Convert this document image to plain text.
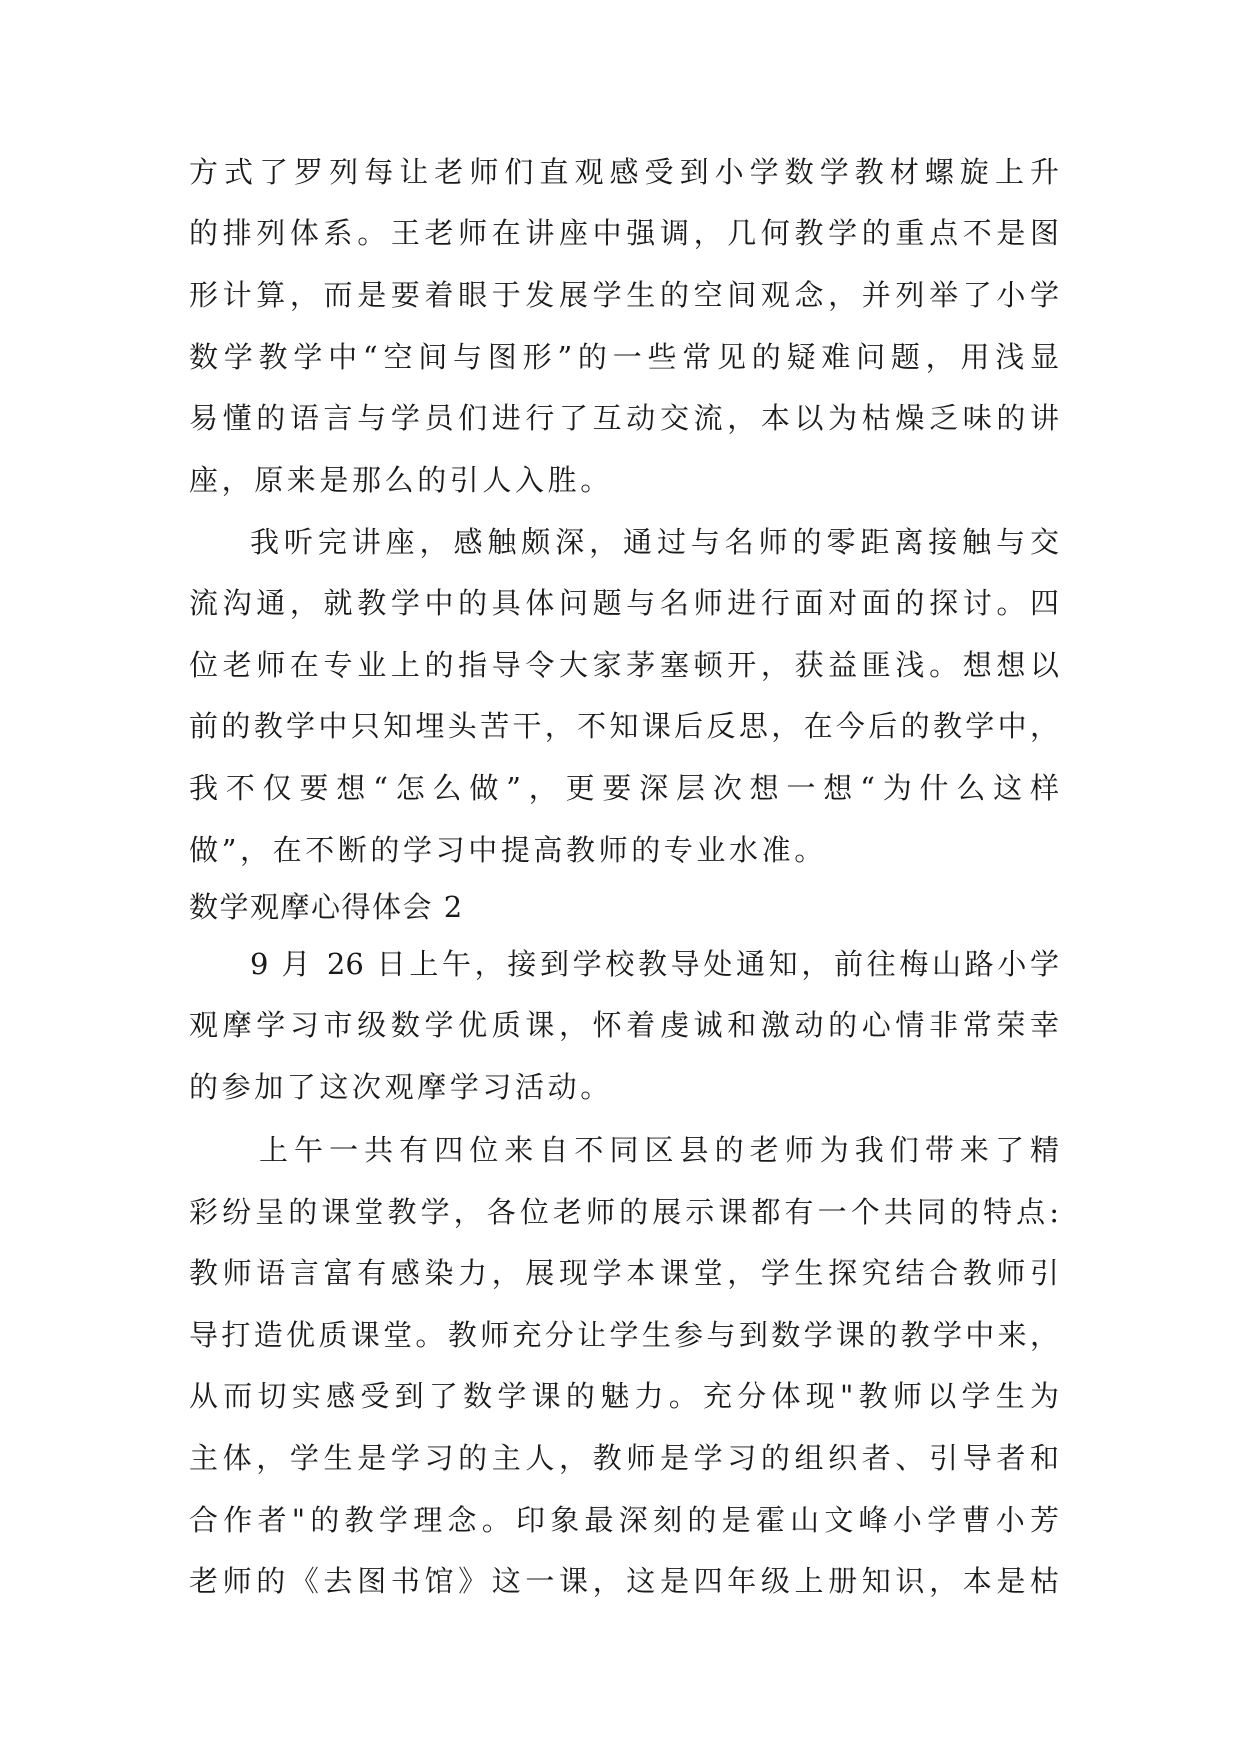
方式了罗列每让老师们直观感受到小学数学教材螺旋上升
的排列体系。王老师在讲座中强调，几何教学的重点不是图
形计算，而是要着眼于发展学生的空间观念，并列举了小学
数学教学中“空间与图形”的一些常见的疑难问题，用浅显
易懂的语言与学员们进行了互动交流，本以为枯燥乏味的讲
座，原来是那么的引人入胜。
我听完讲座，感触颇深，通过与名师的零距离接触与交
流沟通，就教学中的具体问题与名师进行面对面的探讨。四
位老师在专业上的指导令大家茅塞顿开，获益匪浅。想想以
前的教学中只知埋头苦干，不知课后反思，在今后的教学中，
我不仅要想“怎么做”，更要深层次想一想“为什么这样
做”，在不断的学习中提高教师的专业水准。
数学观摩心得体会 2
9 月 26 日上午，接到学校教导处通知，前往梅山路小学
观摩学习市级数学优质课，怀着虔诚和激动的心情非常荣幸
的参加了这次观摩学习活动。
上午一共有四位来自不同区县的老师为我们带来了精
彩纷呈的课堂教学，各位老师的展示课都有一个共同的特点:
教师语言富有感染力，展现学本课堂，学生探究结合教师引
导打造优质课堂。教师充分让学生参与到数学课的教学中来，
从而切实感受到了数学课的魅力。充分体现"教师以学生为
主体，学生是学习的主人，教师是学习的组织者、引导者和
合作者"的教学理念。印象最深刻的是霍山文峰小学曹小芳
老师的《去图书馆》这一课，这是四年级上册知识，本是枯
